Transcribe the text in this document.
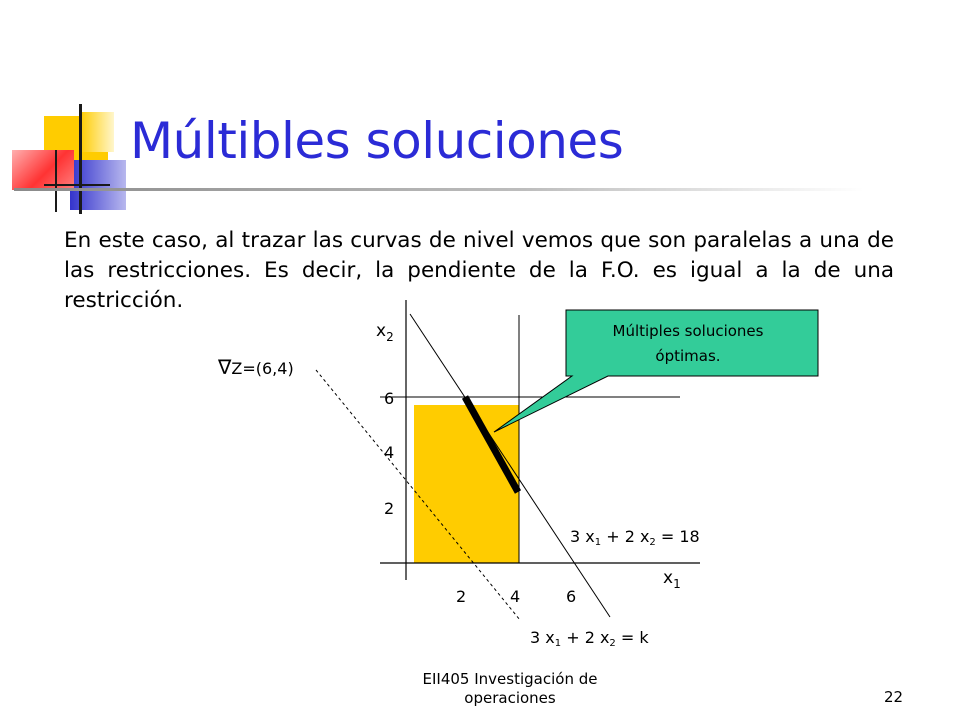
Múltibles soluciones
En este caso, al trazar las curvas de nivel vemos que son paralelas a una de las restricciones. Es decir, la pendiente de la F.O. es igual a la de una restricción.
Múltiples soluciones
óptimas.
$x_2$
$x_1$
∇Z=(6,4)
6
4
2
2	4	6
3 x1 + 2 x2 = 18
3 x1 + 2 x2 = k
EII405 Investigación de operaciones	22
